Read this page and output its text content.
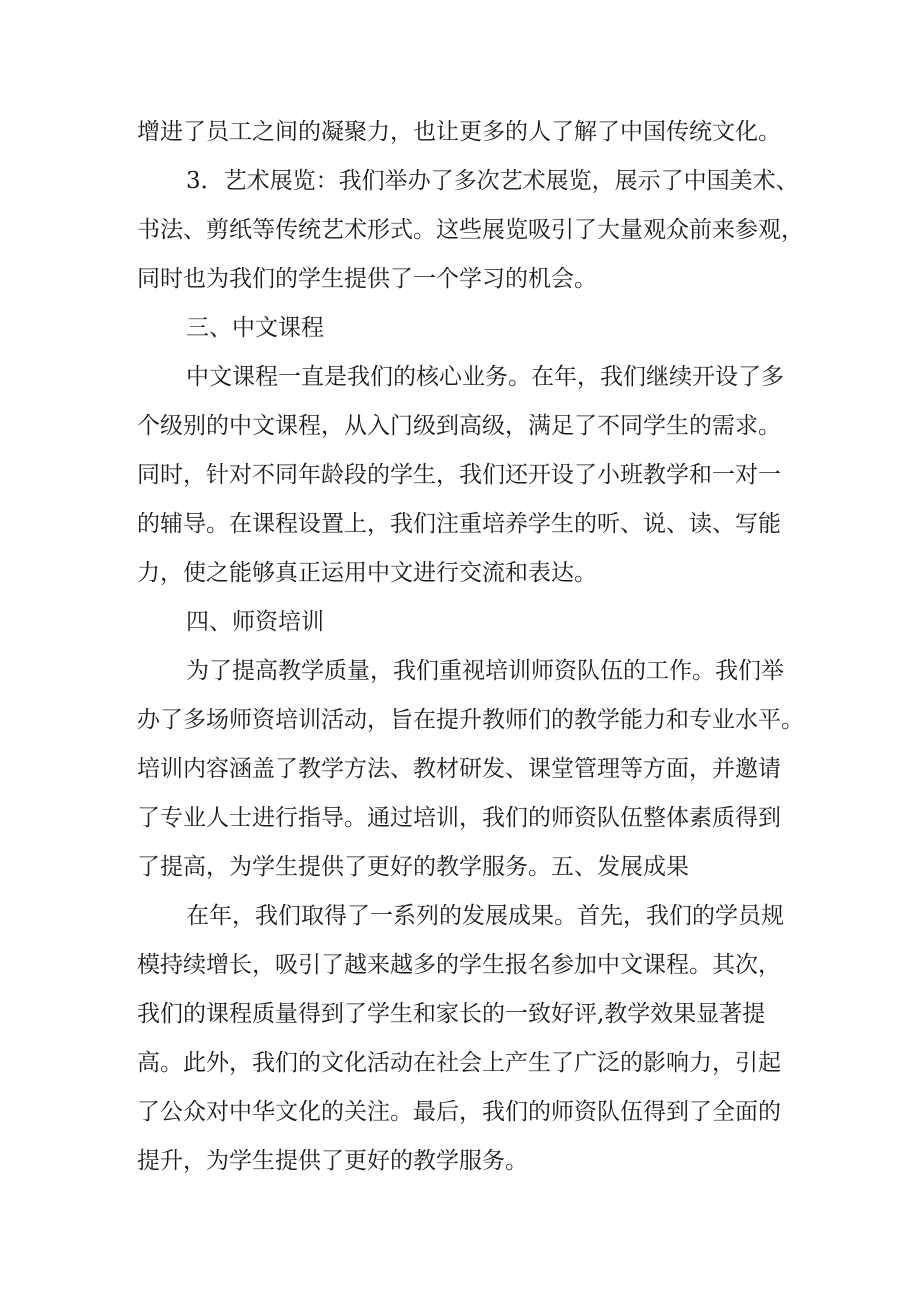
增进了员工之间的凝聚力，也让更多的人了解了中国传统文化。

3．艺术展览：我们举办了多次艺术展览，展示了中国美术、

书法、剪纸等传统艺术形式。这些展览吸引了大量观众前来参观，

同时也为我们的学生提供了一个学习的机会。

三、中文课程

中文课程一直是我们的核心业务。在年，我们继续开设了多

个级别的中文课程，从入门级到高级，满足了不同学生的需求。

同时，针对不同年龄段的学生，我们还开设了小班教学和一对一

的辅导。在课程设置上，我们注重培养学生的听、说、读、写能

力，使之能够真正运用中文进行交流和表达。

四、师资培训

为了提高教学质量，我们重视培训师资队伍的工作。我们举

办了多场师资培训活动，旨在提升教师们的教学能力和专业水平。

培训内容涵盖了教学方法、教材研发、课堂管理等方面，并邀请

了专业人士进行指导。通过培训，我们的师资队伍整体素质得到

了提高，为学生提供了更好的教学服务。五、发展成果

在年，我们取得了一系列的发展成果。首先，我们的学员规

模持续增长，吸引了越来越多的学生报名参加中文课程。其次，

我们的课程质量得到了学生和家长的一致好评,教学效果显著提

高。此外，我们的文化活动在社会上产生了广泛的影响力，引起

了公众对中华文化的关注。最后，我们的师资队伍得到了全面的

提升，为学生提供了更好的教学服务。
